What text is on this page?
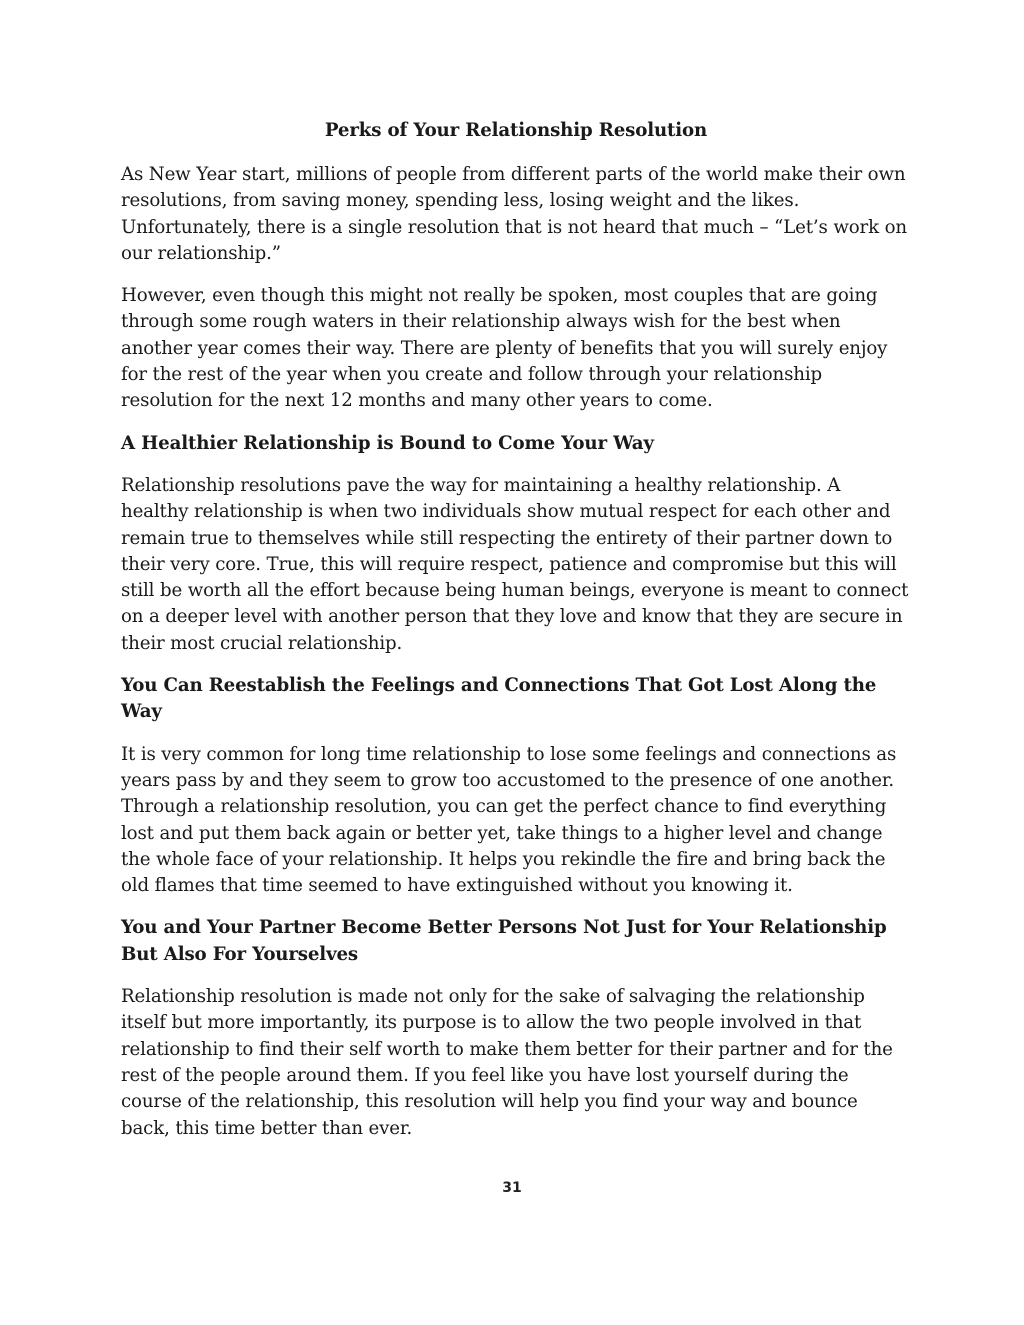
Perks of Your Relationship Resolution

As New Year start, millions of people from different parts of the world make their own resolutions, from saving money, spending less, losing weight and the likes. Unfortunately, there is a single resolution that is not heard that much – “Let’s work on our relationship.”

However, even though this might not really be spoken, most couples that are going through some rough waters in their relationship always wish for the best when another year comes their way. There are plenty of benefits that you will surely enjoy for the rest of the year when you create and follow through your relationship resolution for the next 12 months and many other years to come.

A Healthier Relationship is Bound to Come Your Way

Relationship resolutions pave the way for maintaining a healthy relationship. A healthy relationship is when two individuals show mutual respect for each other and remain true to themselves while still respecting the entirety of their partner down to their very core. True, this will require respect, patience and compromise but this will still be worth all the effort because being human beings, everyone is meant to connect on a deeper level with another person that they love and know that they are secure in their most crucial relationship.

You Can Reestablish the Feelings and Connections That Got Lost Along the Way

It is very common for long time relationship to lose some feelings and connections as years pass by and they seem to grow too accustomed to the presence of one another. Through a relationship resolution, you can get the perfect chance to find everything lost and put them back again or better yet, take things to a higher level and change the whole face of your relationship. It helps you rekindle the fire and bring back the old flames that time seemed to have extinguished without you knowing it.

You and Your Partner Become Better Persons Not Just for Your Relationship But Also For Yourselves

Relationship resolution is made not only for the sake of salvaging the relationship itself but more importantly, its purpose is to allow the two people involved in that relationship to find their self worth to make them better for their partner and for the rest of the people around them. If you feel like you have lost yourself during the course of the relationship, this resolution will help you find your way and bounce back, this time better than ever.

31
